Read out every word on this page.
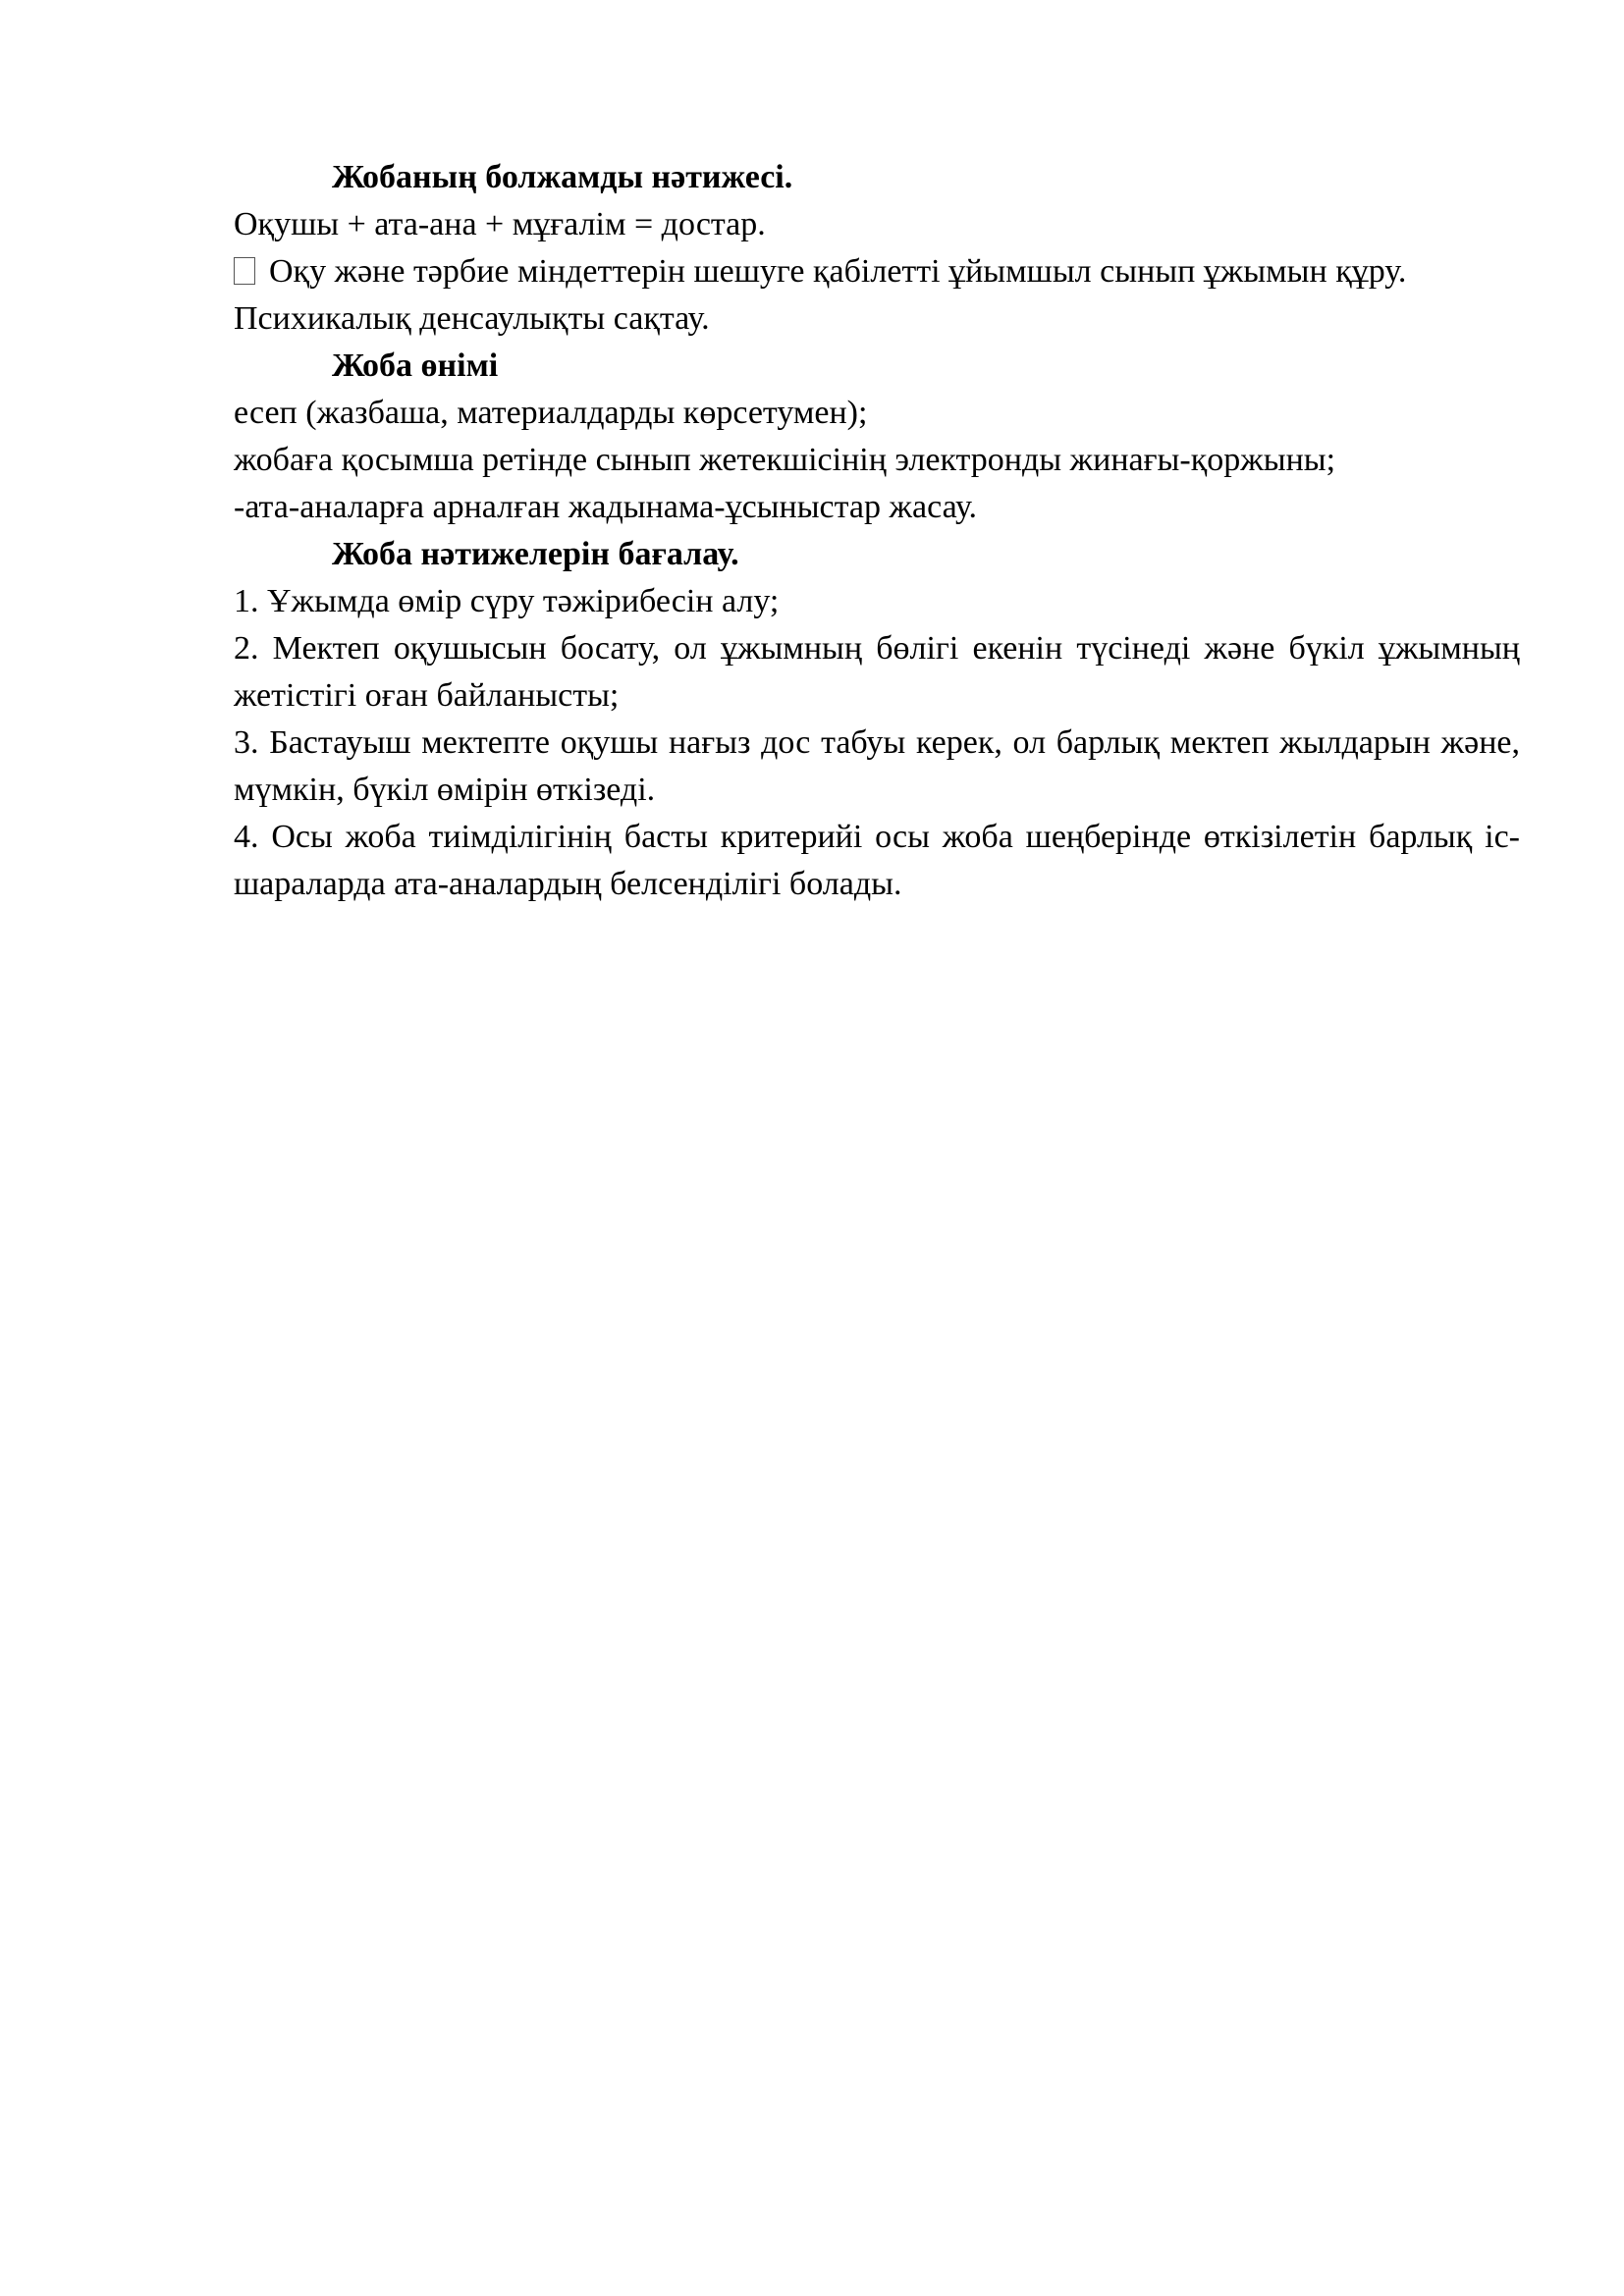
Жобаның болжамды нәтижесі.

Оқушы + ата-ана + мұғалім = достар.

Оқу және тәрбие міндеттерін шешуге қабілетті ұйымшыл сынып ұжымын құру.

Психикалық денсаулықты сақтау.

Жоба өнімі

есеп (жазбаша, материалдарды көрсетумен);

жобаға қосымша ретінде сынып жетекшісінің электронды жинағы-қоржыны;

-ата-аналарға арналған жадынама-ұсыныстар жасау.

Жоба нәтижелерін бағалау.

1. Ұжымда өмір сүру тәжірибесін алу;

2. Мектеп оқушысын босату, ол ұжымның бөлігі екенін түсінеді және бүкіл ұжымның жетістігі оған байланысты;

3. Бастауыш мектепте оқушы нағыз дос табуы керек, ол барлық мектеп жылдарын және, мүмкін, бүкіл өмірін өткізеді.

4. Осы жоба тиімділігінің басты критерийі осы жоба шеңберінде өткізілетін барлық іс-шараларда ата-аналардың белсенділігі болады.
